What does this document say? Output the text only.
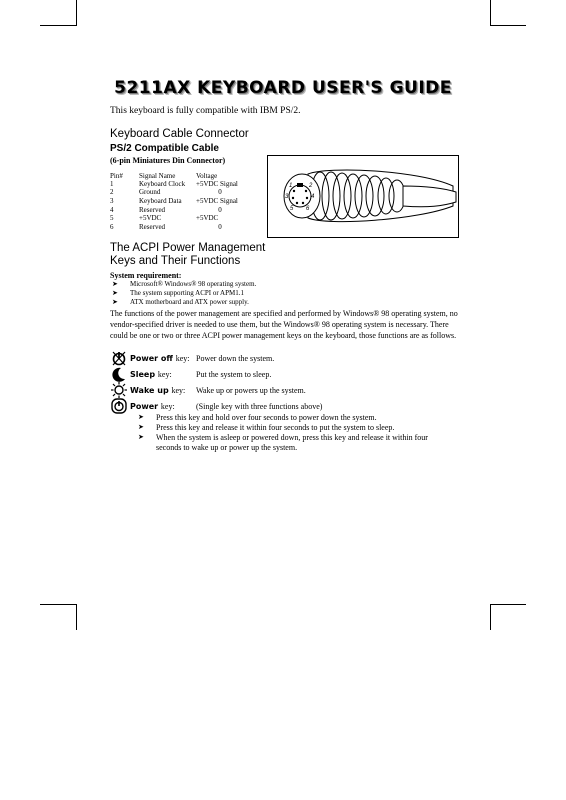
5211AX KEYBOARD USER'S GUIDE
This keyboard is fully compatible with IBM PS/2.
Keyboard Cable Connector
PS/2 Compatible Cable
(6-pin Miniatures Din Connector)
Pin# Signal Name	Voltage
1	Keyboard Clock +5VDC Signal
2	Ground	0
3	Keyboard Data +5VDC Signal
4	Reserved	0
5	+5VDC	+5VDC
6	Reserved	0
1	2
3	4
5 6
The ACPI Power Management
Keys and Their Functions
System requirement:
➤ Microsoft® Windows® 98 operating system.
➤ The system supporting ACPI or APM1.1
➤ ATX motherboard and ATX power supply.
The functions of the power management are specified and performed by Windows® 98 operating system, no vendor-specified driver is needed to use them, but the Windows® 98 operating system is necessary. There could be one or two or three ACPI power management keys on the keyboard, those functions are as follows.
Power off key: Power down the system.
Sleep key:	Put the system to sleep.
Wake up key: Wake up or powers up the system.
Power key:	(Single key with three functions above)
➤ Press this key and hold over four seconds to power down the system.
➤ Press this key and release it within four seconds to put the system to sleep.
➤ When the system is asleep or powered down, press this key and release it within four
seconds to wake up or power up the system.
